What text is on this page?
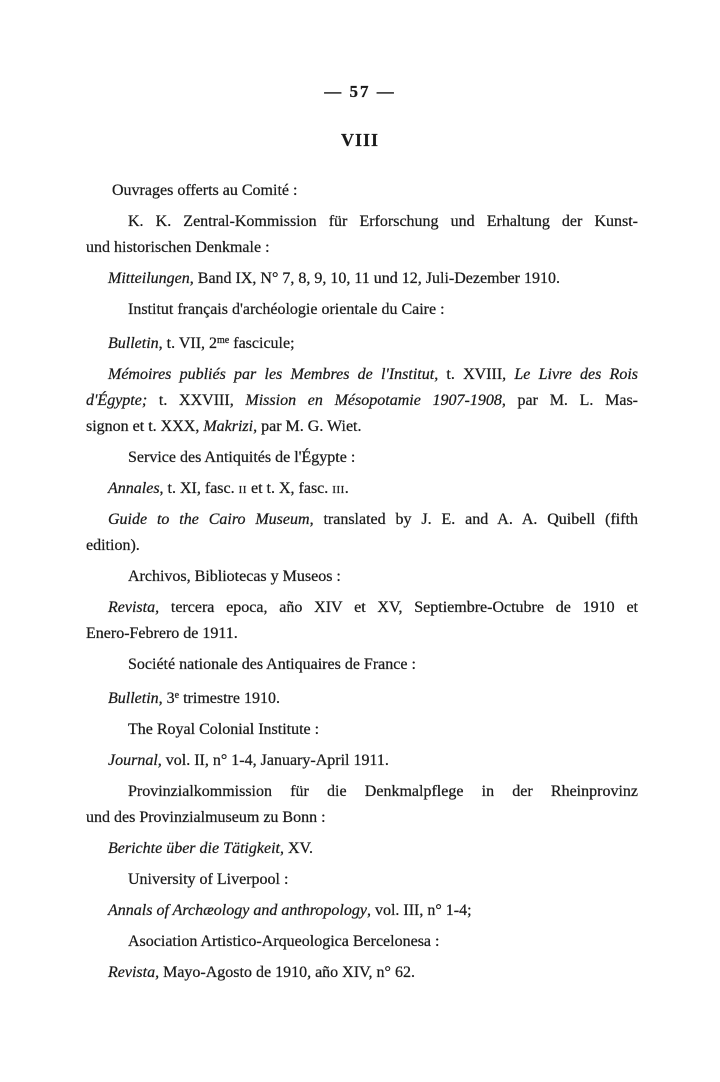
— 57 —
VIII
Ouvrages offerts au Comité :
K. K. Zentral-Kommission für Erforschung und Erhaltung der Kunst-
und historischen Denkmale :
Mitteilungen, Band IX, N° 7, 8, 9, 10, 11 und 12, Juli-Dezember 1910.
Institut français d'archéologie orientale du Caire :
Bulletin, t. VII, $2^{me}$ fascicule;
Mémoires publiés par les Membres de l'Institut, t. XVIII, Le Livre des Rois
d'Égypte; t. XXVIII, Mission en Mésopotamie 1907-1908, par M. L. Mas-
signon et t. XXX, Makrizi, par M. G. Wiet.
Service des Antiquités de l'Égypte :
Annales, t. XI, fasc. ii et t. X, fasc. iii.
Guide to the Cairo Museum, translated by J. E. and A. A. Quibell (fifth
edition).
Archivos, Bibliotecas y Museos :
Revista, tercera epoca, año XIV et XV, Septiembre-Octubre de 1910 et
Enero-Febrero de 1911.
Société nationale des Antiquaires de France :
Bulletin, 3e trimestre 1910.
The Royal Colonial Institute :
Journal, vol. II, n° 1-4, January-April 1911.
Provinzialkommission für die Denkmalpflege in der Rheinprovinz
und des Provinzialmuseum zu Bonn :
Berichte über die Tätigkeit, XV.
University of Liverpool :
Annals of Archæology and anthropology, vol. III, n° 1-4;
Asociation Artistico-Arqueologica Bercelonesa :
Revista, Mayo-Agosto de 1910, año XIV, n° 62.
